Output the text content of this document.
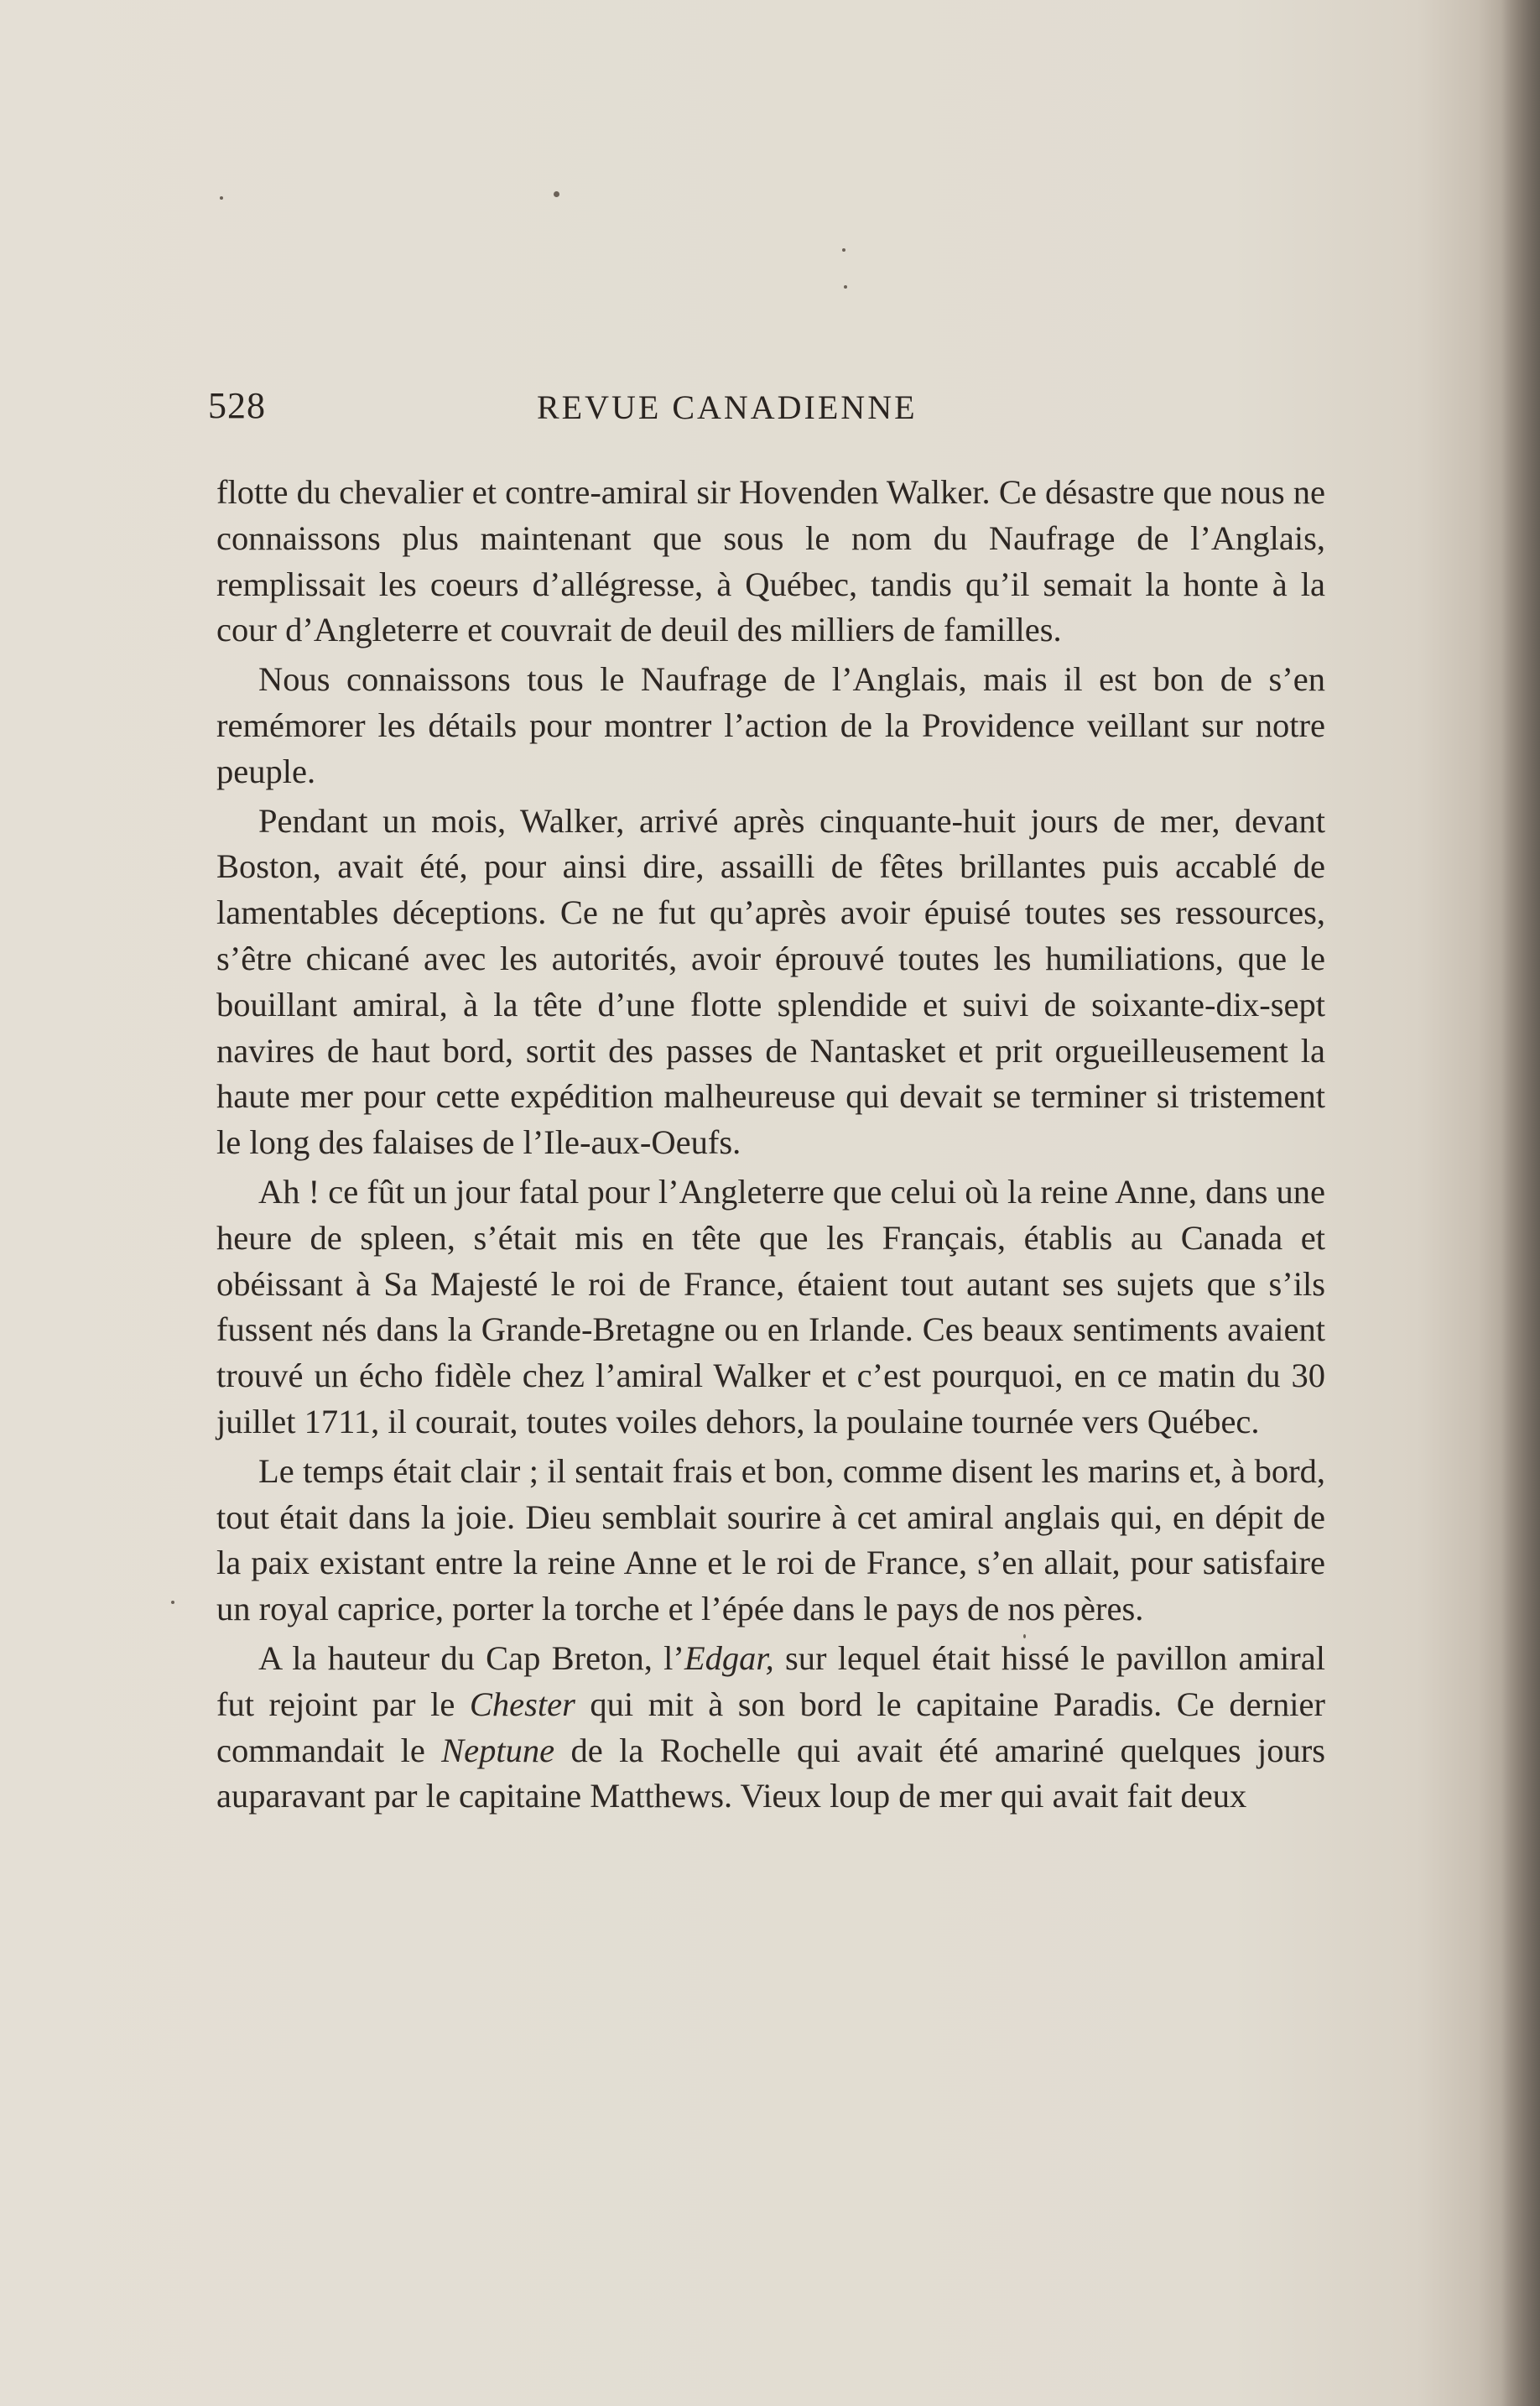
528	REVUE CANADIENNE

flotte du chevalier et contre-amiral sir Hovenden Walker. Ce désastre que nous ne connaissons plus maintenant que sous le nom du Naufrage de l’Anglais, remplissait les coeurs d’allégresse, à Québec, tandis qu’il semait la honte à la cour d’Angleterre et couvrait de deuil des milliers de familles.

Nous connaissons tous le Naufrage de l’Anglais, mais il est bon de s’en remémorer les détails pour montrer l’action de la Providence veillant sur notre peuple.

Pendant un mois, Walker, arrivé après cinquante-huit jours de mer, devant Boston, avait été, pour ainsi dire, assailli de fêtes brillantes puis accablé de lamentables déceptions. Ce ne fut qu’après avoir épuisé toutes ses ressources, s’être chicané avec les autorités, avoir éprouvé toutes les humiliations, que le bouillant amiral, à la tête d’une flotte splendide et suivi de soixante-dix-sept navires de haut bord, sortit des passes de Nantasket et prit orgueilleusement la haute mer pour cette expédition malheureuse qui devait se terminer si tristement le long des falaises de l’Ile-aux-Oeufs.

Ah ! ce fût un jour fatal pour l’Angleterre que celui où la reine Anne, dans une heure de spleen, s’était mis en tête que les Français, établis au Canada et obéissant à Sa Majesté le roi de France, étaient tout autant ses sujets que s’ils fussent nés dans la Grande-Bretagne ou en Irlande. Ces beaux sentiments avaient trouvé un écho fidèle chez l’amiral Walker et c’est pourquoi, en ce matin du 30 juillet 1711, il courait, toutes voiles dehors, la poulaine tournée vers Québec.

Le temps était clair ; il sentait frais et bon, comme disent les marins et, à bord, tout était dans la joie. Dieu semblait sourire à cet amiral anglais qui, en dépit de la paix existant entre la reine Anne et le roi de France, s’en allait, pour satisfaire un royal caprice, porter la torche et l’épée dans le pays de nos pères.

A la hauteur du Cap Breton, l’Edgar, sur lequel était hissé le pavillon amiral fut rejoint par le Chester qui mit à son bord le capitaine Paradis. Ce dernier commandait le Neptune de la Rochelle qui avait été amariné quelques jours auparavant par le capitaine Matthews. Vieux loup de mer qui avait fait deux
